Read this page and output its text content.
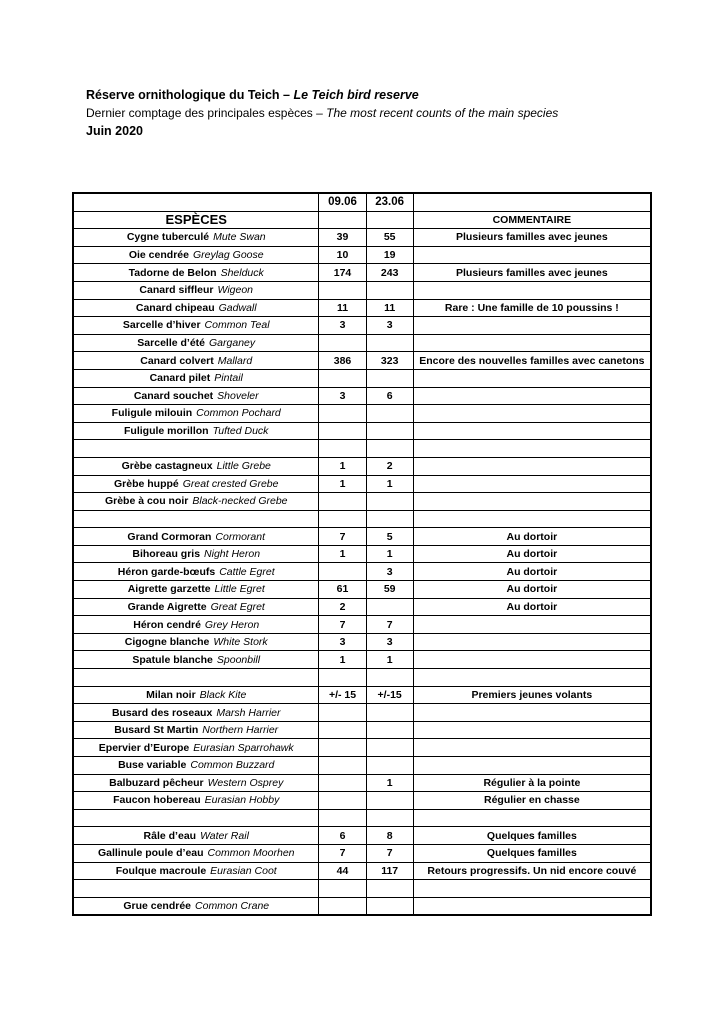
Réserve ornithologique du Teich – Le Teich bird reserve
Dernier comptage des principales espèces – The most recent counts of the main species
Juin 2020
	09.06	23.06	
ESPÈCES			COMMENTAIRE
Cygne tuberculé Mute Swan	39	55	Plusieurs familles avec jeunes
Oie cendrée Greylag Goose	10	19	
Tadorne de Belon Shelduck	174	243	Plusieurs familles avec jeunes
Canard siffleur Wigeon			
Canard chipeau Gadwall	11	11	Rare : Une famille de 10 poussins !
Sarcelle d’hiver Common Teal	3	3	
Sarcelle d’été Garganey			
Canard colvert Mallard	386	323	Encore des nouvelles familles avec canetons
Canard pilet Pintail			
Canard souchet Shoveler	3	6	
Fuligule milouin Common Pochard			
Fuligule morillon Tufted Duck			

Grèbe castagneux Little Grebe	1	2	
Grèbe huppé Great crested Grebe	1	1	
Grèbe à cou noir Black-necked Grebe			

Grand Cormoran Cormorant	7	5	Au dortoir
Bihoreau gris Night Heron	1	1	Au dortoir
Héron garde-bœufs Cattle Egret		3	Au dortoir
Aigrette garzette Little Egret	61	59	Au dortoir
Grande Aigrette Great Egret	2		Au dortoir
Héron cendré Grey Heron	7	7	
Cigogne blanche White Stork	3	3	
Spatule blanche Spoonbill	1	1	

Milan noir Black Kite	+/- 15	+/-15	Premiers jeunes volants
Busard des roseaux Marsh Harrier			
Busard St Martin Northern Harrier			
Epervier d’Europe Eurasian Sparrohawk			
Buse variable Common Buzzard			
Balbuzard pêcheur Western Osprey		1	Régulier à la pointe
Faucon hobereau Eurasian Hobby			Régulier en chasse

Râle d’eau Water Rail	6	8	Quelques familles
Gallinule poule d’eau Common Moorhen	7	7	Quelques familles
Foulque macroule Eurasian Coot	44	117	Retours progressifs. Un nid encore couvé

Grue cendrée Common Crane			
